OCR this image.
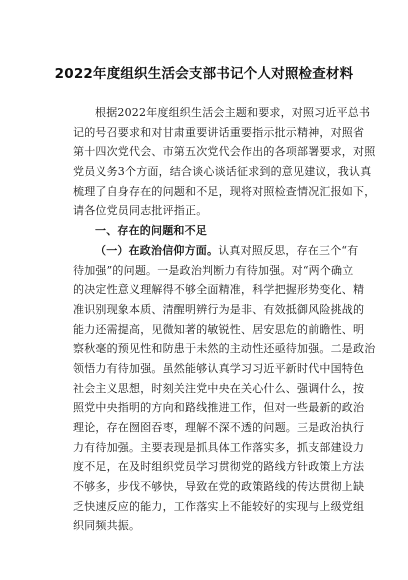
2022年度组织生活会支部书记个人对照检查材料
根据2022年度组织生活会主题和要求，对照习近平总书
记的号召要求和对甘肃重要讲话重要指示批示精神，对照省
第十四次党代会、市第五次党代会作出的各项部署要求，对照
党员义务3个方面，结合谈心谈话征求到的意见建议，我认真
梳理了自身存在的问题和不足，现将对照检查情况汇报如下，
请各位党员同志批评指正。
一、存在的问题和不足
（一）在政治信仰方面。认真对照反思，存在三个“有
待加强”的问题。一是政治判断力有待加强。对“两个确立
的决定性意义理解得不够全面精准，科学把握形势变化、精
准识别现象本质、清醒明辨行为是非、有效抵御风险挑战的
能力还需提高，见微知著的敏锐性、居安思危的前瞻性、明
察秋毫的预见性和防患于未然的主动性还亟待加强。二是政治
领悟力有待加强。虽然能够认真学习习近平新时代中国特色
社会主义思想，时刻关注党中央在关心什么、强调什么，按
照党中央指明的方向和路线推进工作，但对一些最新的政治
理论，存在囫囵吞枣，理解不深不透的问题。三是政治执行
力有待加强。主要表现是抓具体工作落实多，抓支部建设力
度不足，在及时组织党员学习贯彻党的路线方针政策上方法
不够多，步伐不够快，导致在党的政策路线的传达贯彻上缺
乏快速反应的能力，工作落实上不能较好的实现与上级党组
织同频共振。
